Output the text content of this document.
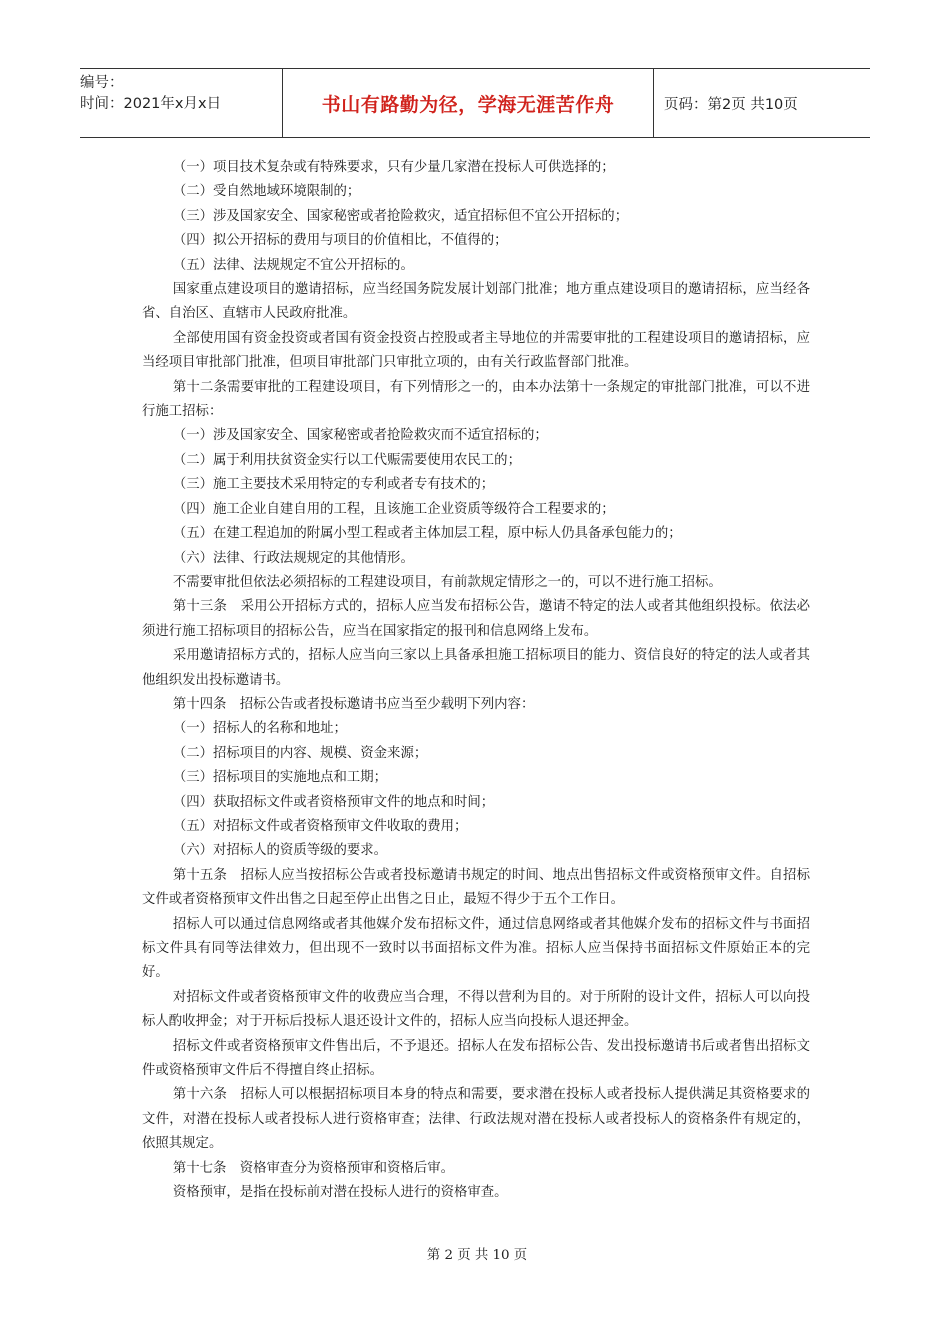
编号：
时间：2021年x月x日	书山有路勤为径，学海无涯苦作舟	页码：第2页 共10页

（一）项目技术复杂或有特殊要求，只有少量几家潜在投标人可供选择的；

（二）受自然地域环境限制的；

（三）涉及国家安全、国家秘密或者抢险救灾，适宜招标但不宜公开招标的；

（四）拟公开招标的费用与项目的价值相比，不值得的；

（五）法律、法规规定不宜公开招标的。

国家重点建设项目的邀请招标，应当经国务院发展计划部门批准；地方重点建设项目的邀请招标，应当经各省、自治区、直辖市人民政府批准。

全部使用国有资金投资或者国有资金投资占控股或者主导地位的并需要审批的工程建设项目的邀请招标，应当经项目审批部门批准，但项目审批部门只审批立项的，由有关行政监督部门批准。

第十二条需要审批的工程建设项目，有下列情形之一的，由本办法第十一条规定的审批部门批准，可以不进行施工招标：

（一）涉及国家安全、国家秘密或者抢险救灾而不适宜招标的；

（二）属于利用扶贫资金实行以工代赈需要使用农民工的；

（三）施工主要技术采用特定的专利或者专有技术的；

（四）施工企业自建自用的工程，且该施工企业资质等级符合工程要求的；

（五）在建工程追加的附属小型工程或者主体加层工程，原中标人仍具备承包能力的；

（六）法律、行政法规规定的其他情形。

不需要审批但依法必须招标的工程建设项目，有前款规定情形之一的，可以不进行施工招标。

第十三条　采用公开招标方式的，招标人应当发布招标公告，邀请不特定的法人或者其他组织投标。依法必须进行施工招标项目的招标公告，应当在国家指定的报刊和信息网络上发布。

采用邀请招标方式的，招标人应当向三家以上具备承担施工招标项目的能力、资信良好的特定的法人或者其他组织发出投标邀请书。

第十四条　招标公告或者投标邀请书应当至少载明下列内容：

（一）招标人的名称和地址；

（二）招标项目的内容、规模、资金来源；

（三）招标项目的实施地点和工期；

（四）获取招标文件或者资格预审文件的地点和时间；

（五）对招标文件或者资格预审文件收取的费用；

（六）对招标人的资质等级的要求。

第十五条　招标人应当按招标公告或者投标邀请书规定的时间、地点出售招标文件或资格预审文件。自招标文件或者资格预审文件出售之日起至停止出售之日止，最短不得少于五个工作日。

招标人可以通过信息网络或者其他媒介发布招标文件，通过信息网络或者其他媒介发布的招标文件与书面招标文件具有同等法律效力，但出现不一致时以书面招标文件为准。招标人应当保持书面招标文件原始正本的完好。

对招标文件或者资格预审文件的收费应当合理，不得以营利为目的。对于所附的设计文件，招标人可以向投标人酌收押金；对于开标后投标人退还设计文件的，招标人应当向投标人退还押金。

招标文件或者资格预审文件售出后，不予退还。招标人在发布招标公告、发出投标邀请书后或者售出招标文件或资格预审文件后不得擅自终止招标。

第十六条　招标人可以根据招标项目本身的特点和需要，要求潜在投标人或者投标人提供满足其资格要求的文件，对潜在投标人或者投标人进行资格审查；法律、行政法规对潜在投标人或者投标人的资格条件有规定的，依照其规定。

第十七条　资格审查分为资格预审和资格后审。

资格预审，是指在投标前对潜在投标人进行的资格审查。

第 2 页 共 10 页
